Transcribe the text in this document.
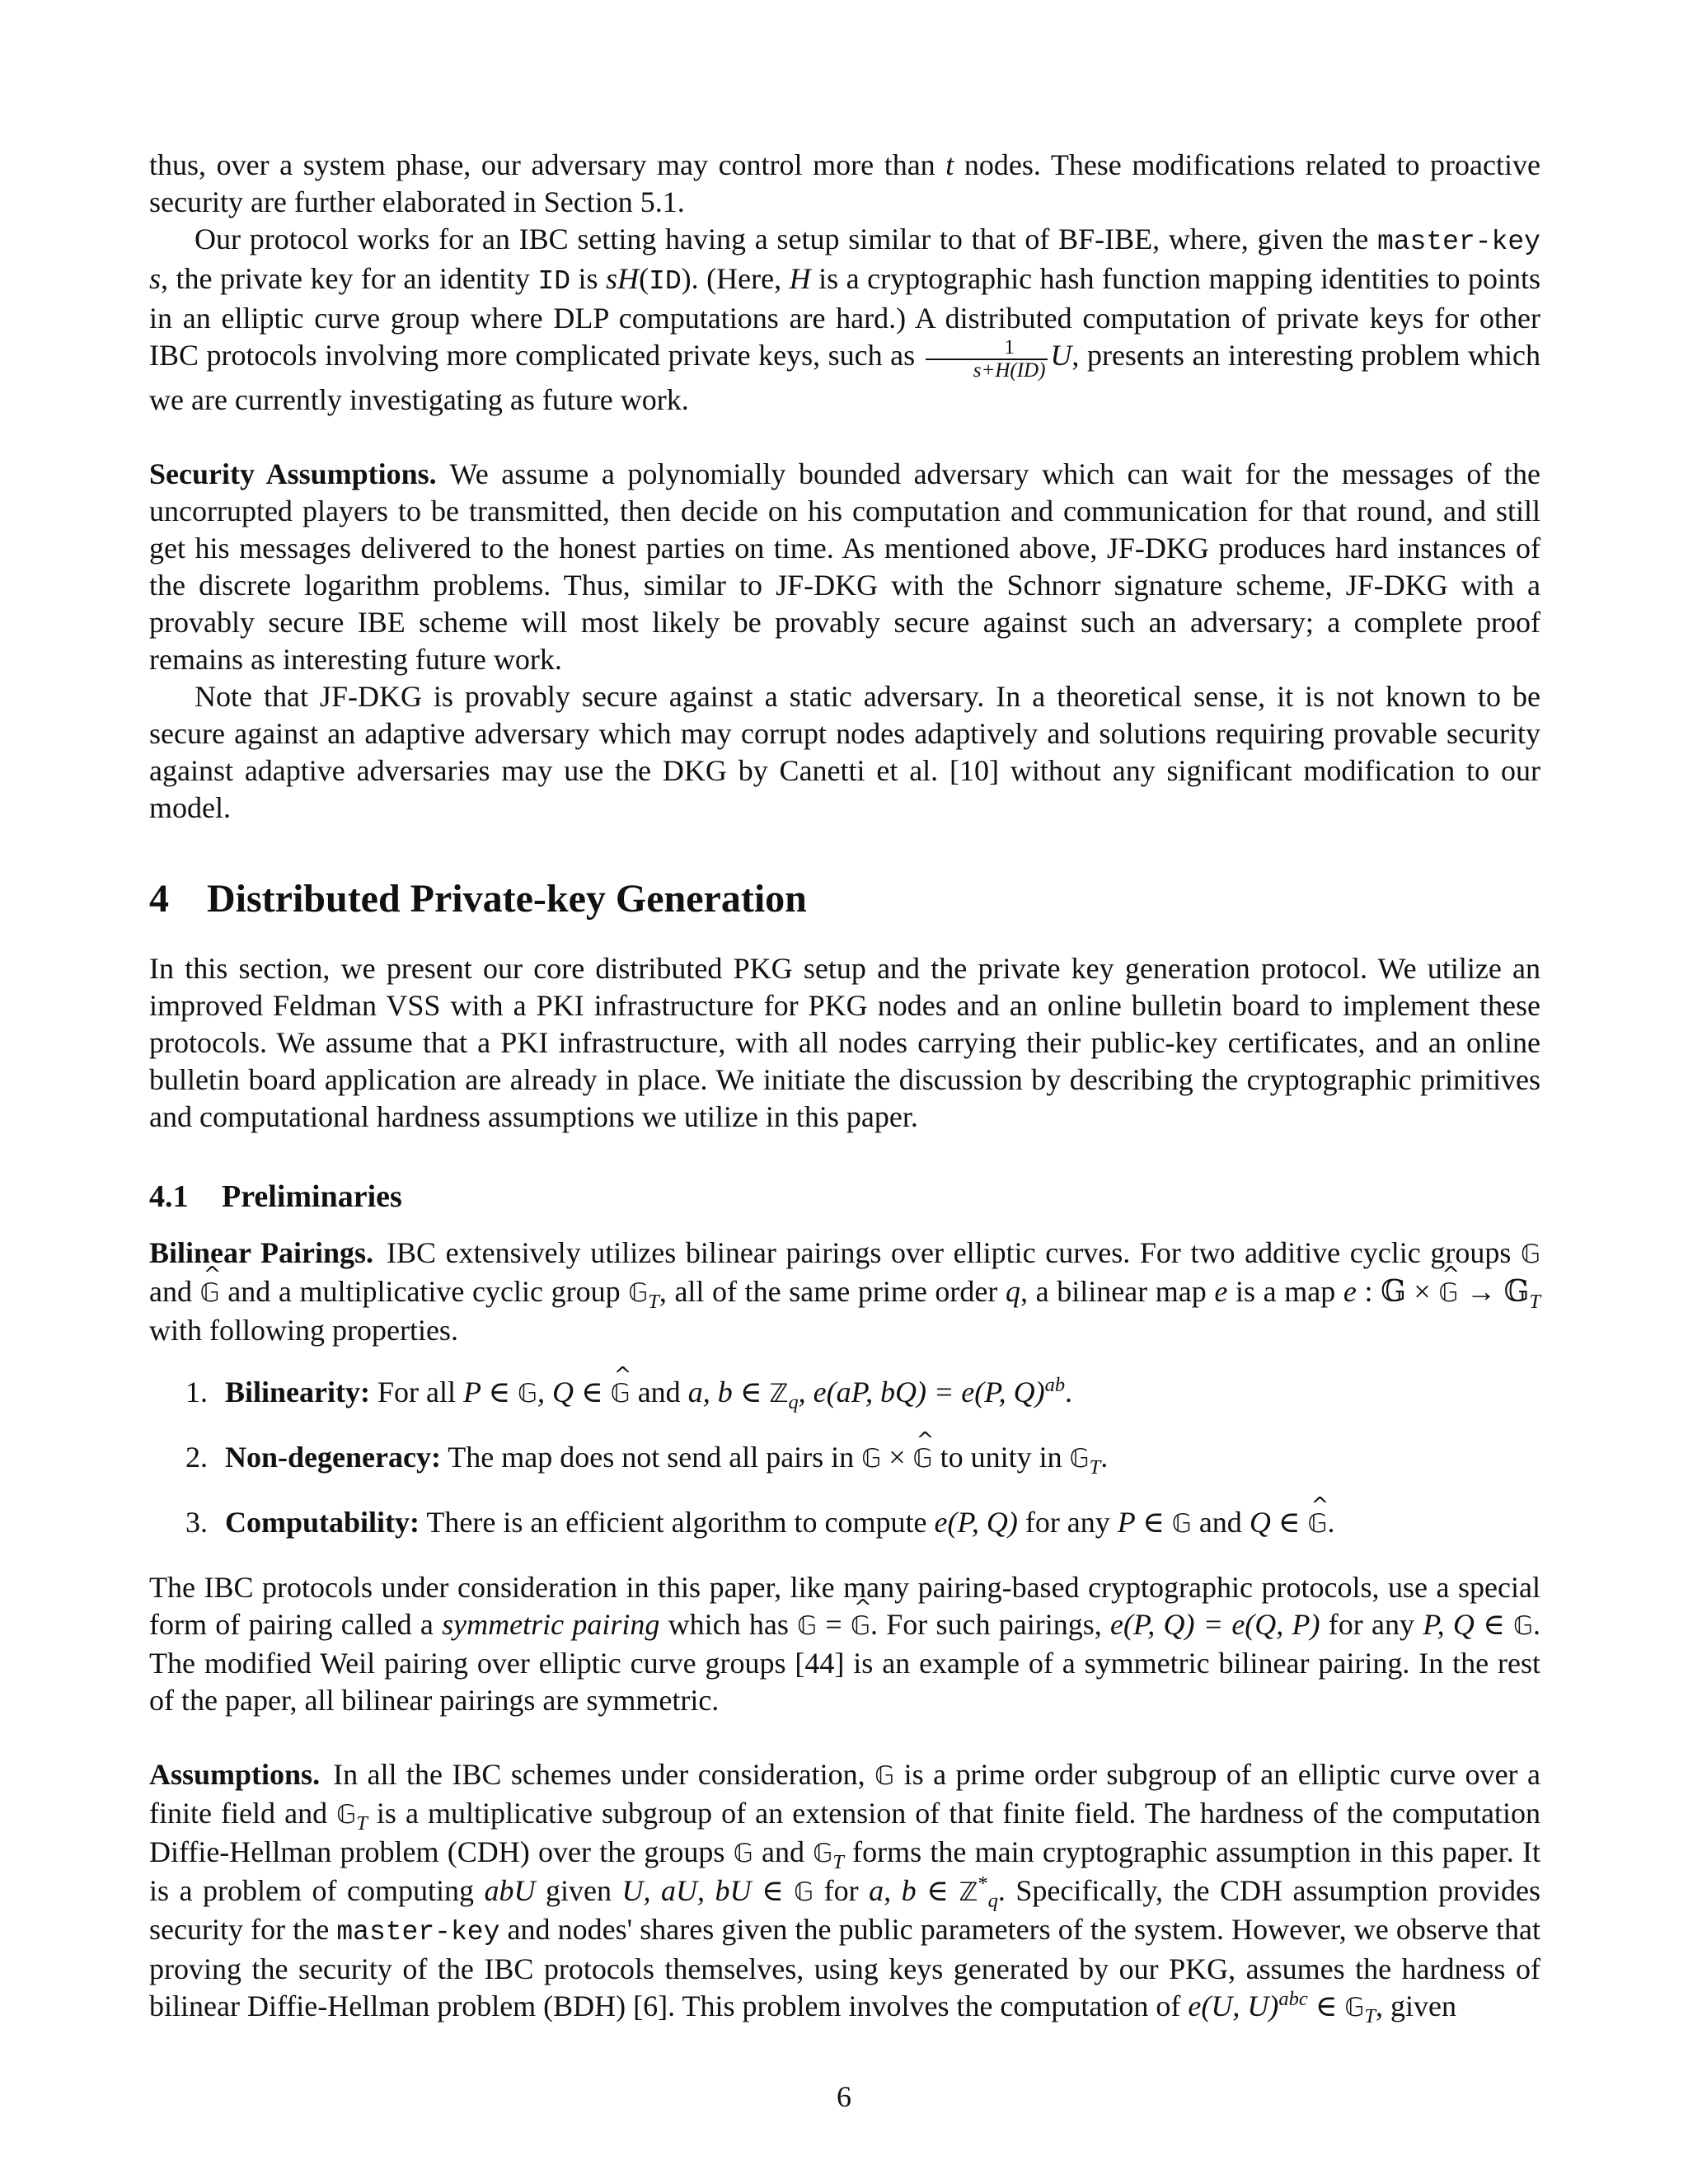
thus, over a system phase, our adversary may control more than t nodes. These modifications related to proactive security are further elaborated in Section 5.1.

Our protocol works for an IBC setting having a setup similar to that of BF-IBE, where, given the master-key s, the private key for an identity ID is sH(ID). (Here, H is a cryptographic hash function mapping identities to points in an elliptic curve group where DLP computations are hard.) A distributed computation of private keys for other IBC protocols involving more complicated private keys, such as $\frac{1}{s+H(ID)} U$, presents an interesting problem which we are currently investigating as future work.

Security Assumptions. We assume a polynomially bounded adversary which can wait for the messages of the uncorrupted players to be transmitted, then decide on his computation and communication for that round, and still get his messages delivered to the honest parties on time. As mentioned above, JF-DKG produces hard instances of the discrete logarithm problems. Thus, similar to JF-DKG with the Schnorr signature scheme, JF-DKG with a provably secure IBE scheme will most likely be provably secure against such an adversary; a complete proof remains as interesting future work.

Note that JF-DKG is provably secure against a static adversary. In a theoretical sense, it is not known to be secure against an adaptive adversary which may corrupt nodes adaptively and solutions requiring provable security against adaptive adversaries may use the DKG by Canetti et al. [10] without any significant modification to our model.

4 Distributed Private-key Generation

In this section, we present our core distributed PKG setup and the private key generation protocol. We utilize an improved Feldman VSS with a PKI infrastructure for PKG nodes and an online bulletin board to implement these protocols. We assume that a PKI infrastructure, with all nodes carrying their public-key certificates, and an online bulletin board application are already in place. We initiate the discussion by describing the cryptographic primitives and computational hardness assumptions we utilize in this paper.

4.1 Preliminaries

Bilinear Pairings. IBC extensively utilizes bilinear pairings over elliptic curves. For two additive cyclic groups 𝔾 and ^ 𝔾 and a multiplicative cyclic group 𝔾$_T$, all of the same prime order q, a bilinear map e is a map e : 𝔾 × ^ 𝔾 → 𝔾$_T$ with following properties.

1. Bilinearity: For all P ∈ 𝔾, Q ∈ ^ 𝔾 and a, b ∈ ℤ$_q$, e(aP, bQ) = e(P, Q)$^{ab}$.
2. Non-degeneracy: The map does not send all pairs in 𝔾 × ^ 𝔾 to unity in 𝔾$_T$.
3. Computability: There is an efficient algorithm to compute e(P, Q) for any P ∈ 𝔾 and Q ∈ ^ 𝔾.

The IBC protocols under consideration in this paper, like many pairing-based cryptographic protocols, use a special form of pairing called a symmetric pairing which has 𝔾 = ^ 𝔾. For such pairings, e(P, Q) = e(Q, P) for any P, Q ∈ 𝔾. The modified Weil pairing over elliptic curve groups [44] is an example of a symmetric bilinear pairing. In the rest of the paper, all bilinear pairings are symmetric.

Assumptions. In all the IBC schemes under consideration, 𝔾 is a prime order subgroup of an elliptic curve over a finite field and 𝔾$_T$ is a multiplicative subgroup of an extension of that finite field. The hardness of the computation Diffie-Hellman problem (CDH) over the groups 𝔾 and 𝔾$_T$ forms the main cryptographic assumption in this paper. It is a problem of computing abU given U, aU, bU ∈ 𝔾 for a, b ∈ ℤ*$_q$. Specifically, the CDH assumption provides security for the master-key and nodes' shares given the public parameters of the system. However, we observe that proving the security of the IBC protocols themselves, using keys generated by our PKG, assumes the hardness of bilinear Diffie-Hellman problem (BDH) [6]. This problem involves the computation of e(U, U)$^{abc}$ ∈ 𝔾$_T$, given

6
